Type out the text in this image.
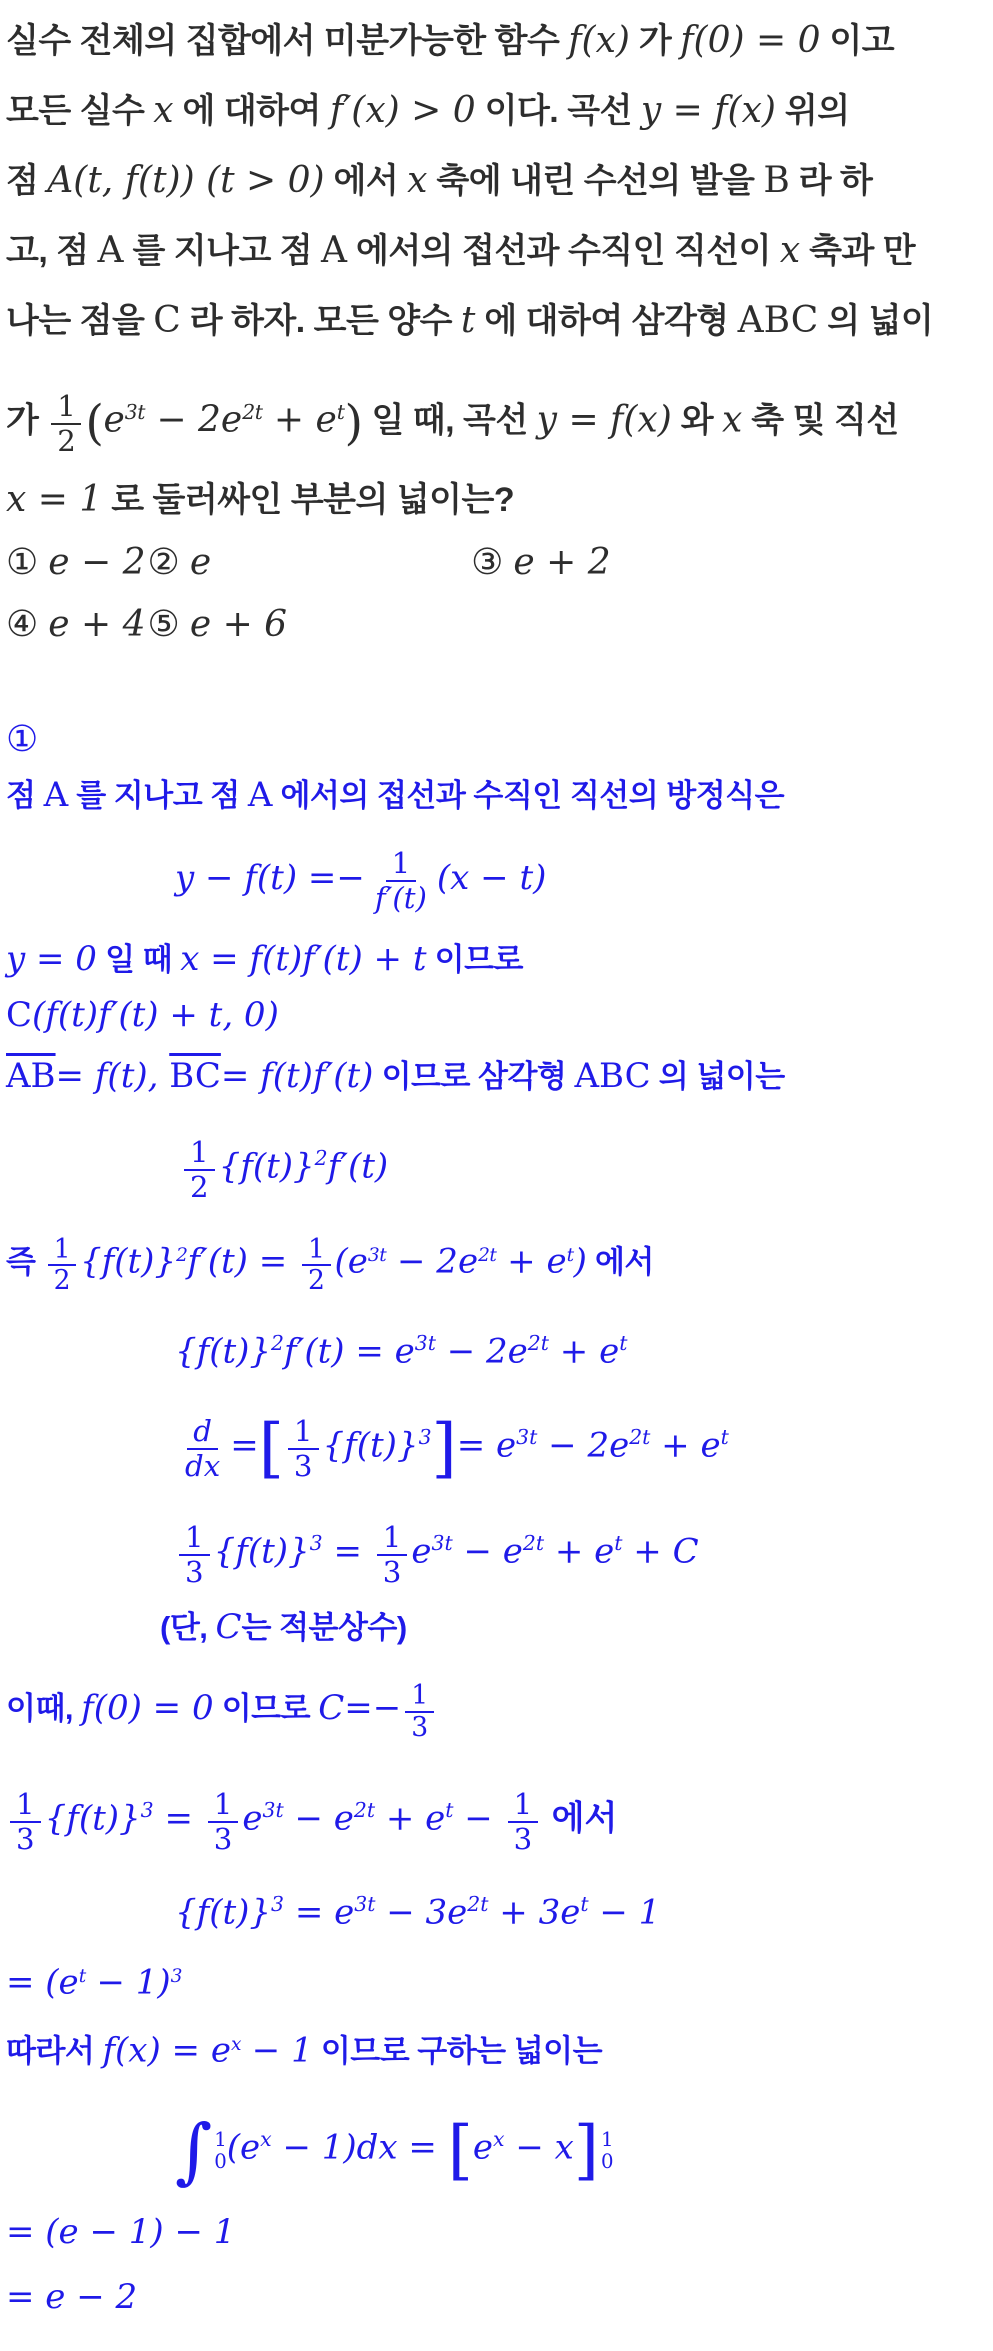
실수 전체의 집합에서 미분가능한 함수 f(x) 가 f(0) = 0 이고
모든 실수 x 에 대하여 f′(x) > 0 이다. 곡선 y = f(x) 위의
점 A(t, f(t)) (t > 0) 에서 x 축에 내린 수선의 발을 B 라 하
고, 점 A 를 지나고 점 A 에서의 접선과 수직인 직선이 x 축과 만
나는 점을 C 라 하자. 모든 양수 t 에 대하여 삼각형 ABC 의 넓이
가 $\frac{1}{2} (e^{3t} - 2e^{2t} + e^t)$ 일 때, 곡선 y = f(x) 와 x 축 및 직선
x = 1 로 둘러싸인 부분의 넓이는?
① e − 2② e	③ e + 2
④ e + 4⑤ e + 6
①
점 A 를 지나고 점 A 에서의 접선과 수직인 직선의 방정식은
$y - f(t) =- \frac{1}{f'(t)} (x - t)$
y = 0 일 때 x = f(t)f′(t) + t 이므로
C(f(t)f′(t) + t, 0)
$\overline{AB}= f(t)$, $\overline{BC}= f(t)f'(t)$ 이므로 삼각형 ABC 의 넓이는
$\frac{1}{2} \{f(t)\}^2f'(t)$
즉 $\frac{1}{2} \{f(t)\}^2f'(t) = \frac{1}{2} (e^{3t} - 2e^{2t} + e^t)$ 에서
$\{f(t)\}^2f'(t) = e^{3t} - 2e^{2t} + e^t$
$\frac{d}{dx}$ =[ $\frac{1}{3} \{f(t)\}^3]= e^{3t} - 2e^{2t} + e^t$
$\frac{1}{3} \{f(t)\}^3 = \frac{1}{3} e^{3t} - e^{2t} + e^t + C$
(단, C는 적분상수)
이때, f(0) = 0 이므로 $C=- \frac{1}{3}$
$\frac{1}{3} \{f(t)\}^3 = \frac{1}{3} e^{3t} - e^{2t} + e^t - \frac{1}{3}$ 에서
$\{f(t)\}^3 = e^{3t} - 3e^{2t} + 3e^t - 1$
= $(e^t - 1)^3$
따라서 $f(x) = e^x - 1$ 이므로 구하는 넓이는
∫ 1
0 $(e^x - 1)dx = [e^x - x]$ 1
0
= (e − 1) − 1
= e − 2
